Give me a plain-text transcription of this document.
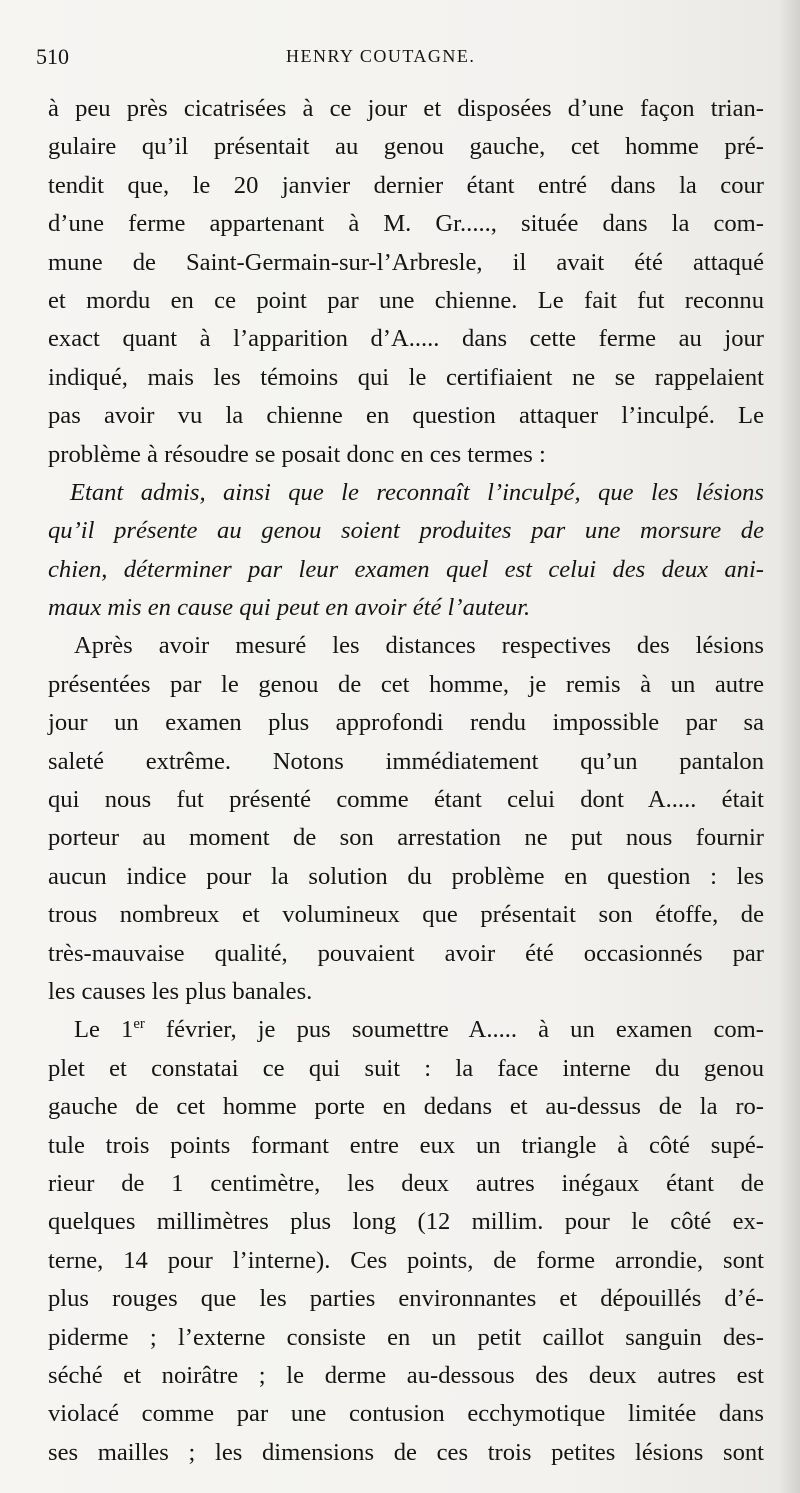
510	HENRY COUTAGNE.
à peu près cicatrisées à ce jour et disposées d’une façon trian-
gulaire qu’il présentait au genou gauche, cet homme pré-
tendit que, le 20 janvier dernier étant entré dans la cour
d’une ferme appartenant à M. Gr....., située dans la com-
mune de Saint-Germain-sur-l’Arbresle, il avait été attaqué
et mordu en ce point par une chienne. Le fait fut reconnu
exact quant à l’apparition d’A..... dans cette ferme au jour
indiqué, mais les témoins qui le certifiaient ne se rappelaient
pas avoir vu la chienne en question attaquer l’inculpé. Le
problème à résoudre se posait donc en ces termes :
Etant admis, ainsi que le reconnaît l’inculpé, que les lésions
qu’il présente au genou soient produites par une morsure de
chien, déterminer par leur examen quel est celui des deux ani-
maux mis en cause qui peut en avoir été l’auteur.
Après avoir mesuré les distances respectives des lésions
présentées par le genou de cet homme, je remis à un autre
jour un examen plus approfondi rendu impossible par sa
saleté extrême. Notons immédiatement qu’un pantalon
qui nous fut présenté comme étant celui dont A..... était
porteur au moment de son arrestation ne put nous fournir
aucun indice pour la solution du problème en question : les
trous nombreux et volumineux que présentait son étoffe, de
très-mauvaise qualité, pouvaient avoir été occasionnés par
les causes les plus banales.
Le 1er février, je pus soumettre A..... à un examen com-
plet et constatai ce qui suit : la face interne du genou
gauche de cet homme porte en dedans et au-dessus de la ro-
tule trois points formant entre eux un triangle à côté supé-
rieur de 1 centimètre, les deux autres inégaux étant de
quelques millimètres plus long (12 millim. pour le côté ex-
terne, 14 pour l’interne). Ces points, de forme arrondie, sont
plus rouges que les parties environnantes et dépouillés d’é-
piderme ; l’externe consiste en un petit caillot sanguin des-
séché et noirâtre ; le derme au-dessous des deux autres est
violacé comme par une contusion ecchymotique limitée dans
ses mailles ; les dimensions de ces trois petites lésions sont
